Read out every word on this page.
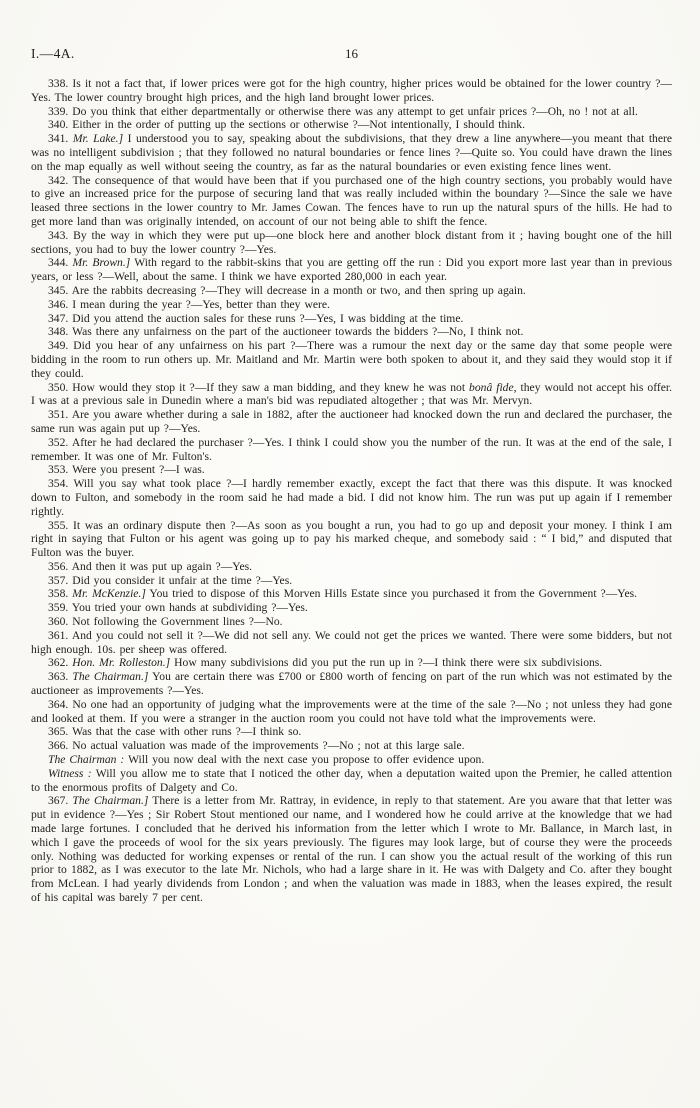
I.—4A.	16

338. Is it not a fact that, if lower prices were got for the high country, higher prices would be obtained for the lower country ?—Yes. The lower country brought high prices, and the high land brought lower prices.

339. Do you think that either departmentally or otherwise there was any attempt to get unfair prices ?—Oh, no ! not at all.

340. Either in the order of putting up the sections or otherwise ?—Not intentionally, I should think.

341. Mr. Lake.] I understood you to say, speaking about the subdivisions, that they drew a line anywhere—you meant that there was no intelligent subdivision ; that they followed no natural boundaries or fence lines ?—Quite so. You could have drawn the lines on the map equally as well without seeing the country, as far as the natural boundaries or even existing fence lines went.

342. The consequence of that would have been that if you purchased one of the high country sections, you probably would have to give an increased price for the purpose of securing land that was really included within the boundary ?—Since the sale we have leased three sections in the lower country to Mr. James Cowan. The fences have to run up the natural spurs of the hills. He had to get more land than was originally intended, on account of our not being able to shift the fence.

343. By the way in which they were put up—one block here and another block distant from it ; having bought one of the hill sections, you had to buy the lower country ?—Yes.

344. Mr. Brown.] With regard to the rabbit-skins that you are getting off the run : Did you export more last year than in previous years, or less ?—Well, about the same. I think we have exported 280,000 in each year.

345. Are the rabbits decreasing ?—They will decrease in a month or two, and then spring up again.

346. I mean during the year ?—Yes, better than they were.

347. Did you attend the auction sales for these runs ?—Yes, I was bidding at the time.

348. Was there any unfairness on the part of the auctioneer towards the bidders ?—No, I think not.

349. Did you hear of any unfairness on his part ?—There was a rumour the next day or the same day that some people were bidding in the room to run others up. Mr. Maitland and Mr. Martin were both spoken to about it, and they said they would stop it if they could.

350. How would they stop it ?—If they saw a man bidding, and they knew he was not bonâ fide, they would not accept his offer. I was at a previous sale in Dunedin where a man's bid was repudiated altogether ; that was Mr. Mervyn.

351. Are you aware whether during a sale in 1882, after the auctioneer had knocked down the run and declared the purchaser, the same run was again put up ?—Yes.

352. After he had declared the purchaser ?—Yes. I think I could show you the number of the run. It was at the end of the sale, I remember. It was one of Mr. Fulton's.

353. Were you present ?—I was.

354. Will you say what took place ?—I hardly remember exactly, except the fact that there was this dispute. It was knocked down to Fulton, and somebody in the room said he had made a bid. I did not know him. The run was put up again if I remember rightly.

355. It was an ordinary dispute then ?—As soon as you bought a run, you had to go up and deposit your money. I think I am right in saying that Fulton or his agent was going up to pay his marked cheque, and somebody said : “ I bid,” and disputed that Fulton was the buyer.

356. And then it was put up again ?—Yes.

357. Did you consider it unfair at the time ?—Yes.

358. Mr. McKenzie.] You tried to dispose of this Morven Hills Estate since you purchased it from the Government ?—Yes.

359. You tried your own hands at subdividing ?—Yes.

360. Not following the Government lines ?—No.

361. And you could not sell it ?—We did not sell any. We could not get the prices we wanted. There were some bidders, but not high enough. 10s. per sheep was offered.

362. Hon. Mr. Rolleston.] How many subdivisions did you put the run up in ?—I think there were six subdivisions.

363. The Chairman.] You are certain there was £700 or £800 worth of fencing on part of the run which was not estimated by the auctioneer as improvements ?—Yes.

364. No one had an opportunity of judging what the improvements were at the time of the sale ?—No ; not unless they had gone and looked at them. If you were a stranger in the auction room you could not have told what the improvements were.

365. Was that the case with other runs ?—I think so.

366. No actual valuation was made of the improvements ?—No ; not at this large sale.

The Chairman : Will you now deal with the next case you propose to offer evidence upon.

Witness : Will you allow me to state that I noticed the other day, when a deputation waited upon the Premier, he called attention to the enormous profits of Dalgety and Co.

367. The Chairman.] There is a letter from Mr. Rattray, in evidence, in reply to that statement. Are you aware that that letter was put in evidence ?—Yes ; Sir Robert Stout mentioned our name, and I wondered how he could arrive at the knowledge that we had made large fortunes. I concluded that he derived his information from the letter which I wrote to Mr. Ballance, in March last, in which I gave the proceeds of wool for the six years previously. The figures may look large, but of course they were the proceeds only. Nothing was deducted for working expenses or rental of the run. I can show you the actual result of the working of this run prior to 1882, as I was executor to the late Mr. Nichols, who had a large share in it. He was with Dalgety and Co. after they bought from McLean. I had yearly dividends from London ; and when the valuation was made in 1883, when the leases expired, the result of his capital was barely 7 per cent.
